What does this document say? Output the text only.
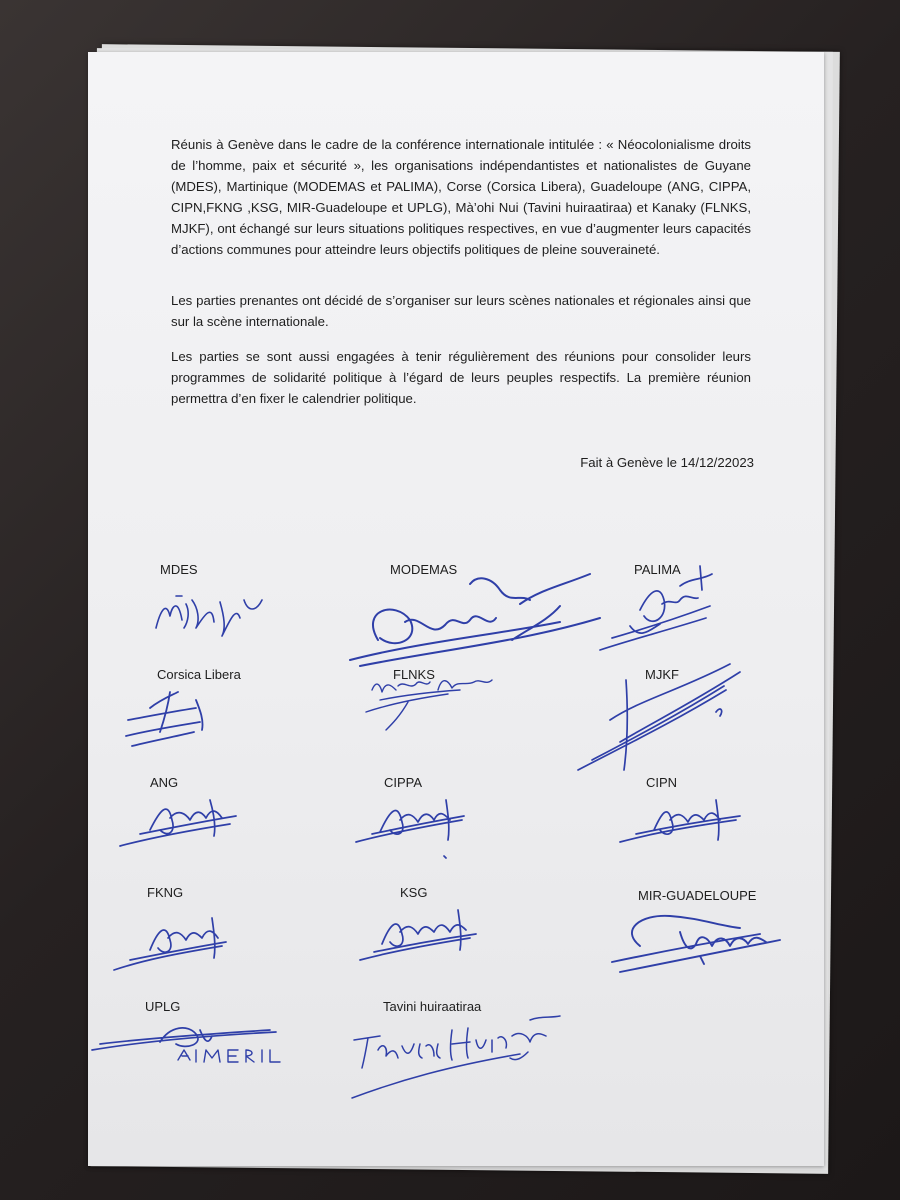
Réunis à Genève dans le cadre de la conférence internationale intitulée : « Néocolonialisme droits de l’homme, paix et sécurité », les organisations indépendantistes et nationalistes de Guyane (MDES), Martinique (MODEMAS et PALIMA), Corse (Corsica Libera), Guadeloupe (ANG, CIPPA, CIPN,FKNG ,KSG, MIR-Guadeloupe et UPLG), Mà’ohi Nui (Tavini huiraatiraa) et Kanaky (FLNKS, MJKF), ont échangé sur leurs situations politiques respectives, en vue d’augmenter leurs capacités d’actions communes pour atteindre leurs objectifs politiques de pleine souveraineté.

Les parties prenantes ont décidé de s’organiser sur leurs scènes nationales et régionales ainsi que sur la scène internationale.

Les parties se sont aussi engagées à tenir régulièrement des réunions pour consolider leurs programmes de solidarité politique à l’égard de leurs peuples respectifs. La première réunion permettra d’en fixer le calendrier politique.

Fait à Genève le 14/12/22023

MDES	MODEMAS	PALIMA

Corsica Libera	FLNKS	MJKF

ANG	CIPPA	CIPN

FKNG	KSG	MIR-GUADELOUPE

UPLG	Tavini huiraatiraa
